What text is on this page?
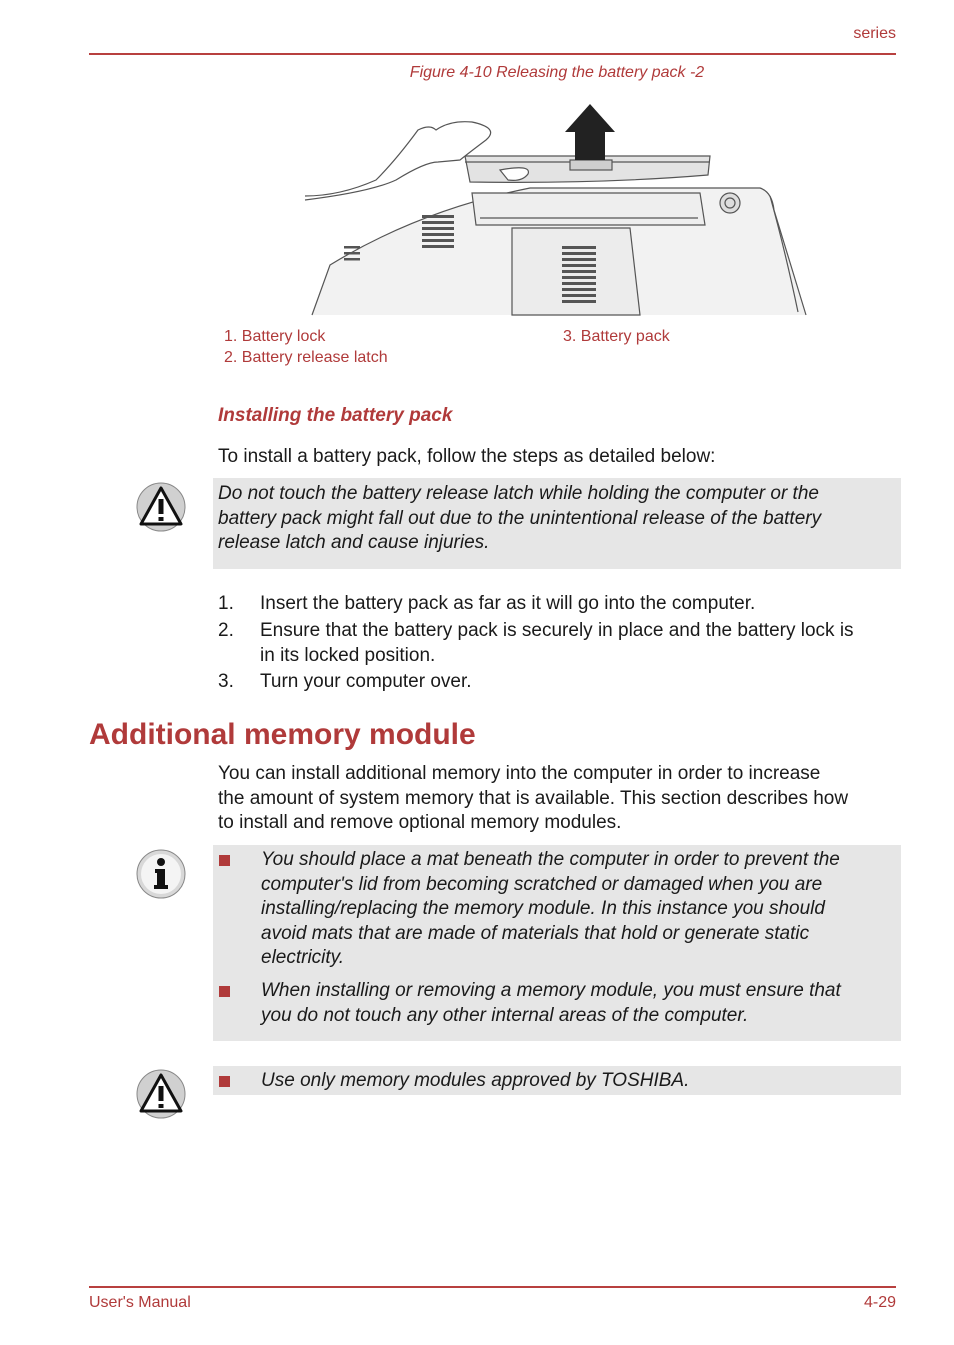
series
Figure 4-10 Releasing the battery pack -2
1. Battery lock
2. Battery release latch
3. Battery pack
Installing the battery pack
To install a battery pack, follow the steps as detailed below:
Do not touch the battery release latch while holding the computer or the
battery pack might fall out due to the unintentional release of the battery
release latch and cause injuries.
1. Insert the battery pack as far as it will go into the computer.
2. Ensure that the battery pack is securely in place and the battery lock is
in its locked position.
3. Turn your computer over.
Additional memory module
You can install additional memory into the computer in order to increase
the amount of system memory that is available. This section describes how
to install and remove optional memory modules.
You should place a mat beneath the computer in order to prevent the
computer's lid from becoming scratched or damaged when you are
installing/replacing the memory module. In this instance you should
avoid mats that are made of materials that hold or generate static
electricity.
When installing or removing a memory module, you must ensure that
you do not touch any other internal areas of the computer.
Use only memory modules approved by TOSHIBA.
User's Manual	4-29
